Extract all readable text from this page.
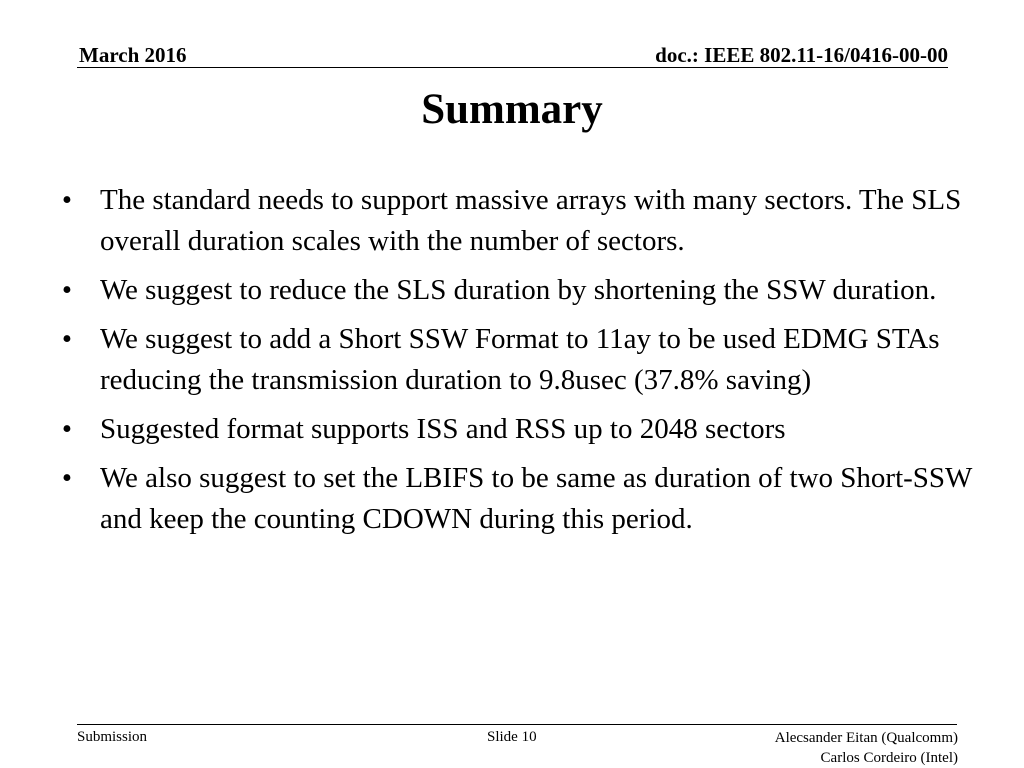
March 2016	doc.: IEEE 802.11-16/0416-00-00
Summary
• The standard needs to support massive arrays with many sectors. The SLS overall duration scales with the number of sectors.
• We suggest to reduce the SLS duration by shortening the SSW duration.
• We suggest to add a Short SSW Format to 11ay to be used EDMG STAs reducing the transmission duration to 9.8usec (37.8% saving)
• Suggested format supports ISS and RSS up to 2048 sectors
• We also suggest to set the LBIFS to be same as duration of two Short-SSW and keep the counting CDOWN during this period.
Submission	Slide 10	Alecsander Eitan (Qualcomm)
Carlos Cordeiro (Intel)
